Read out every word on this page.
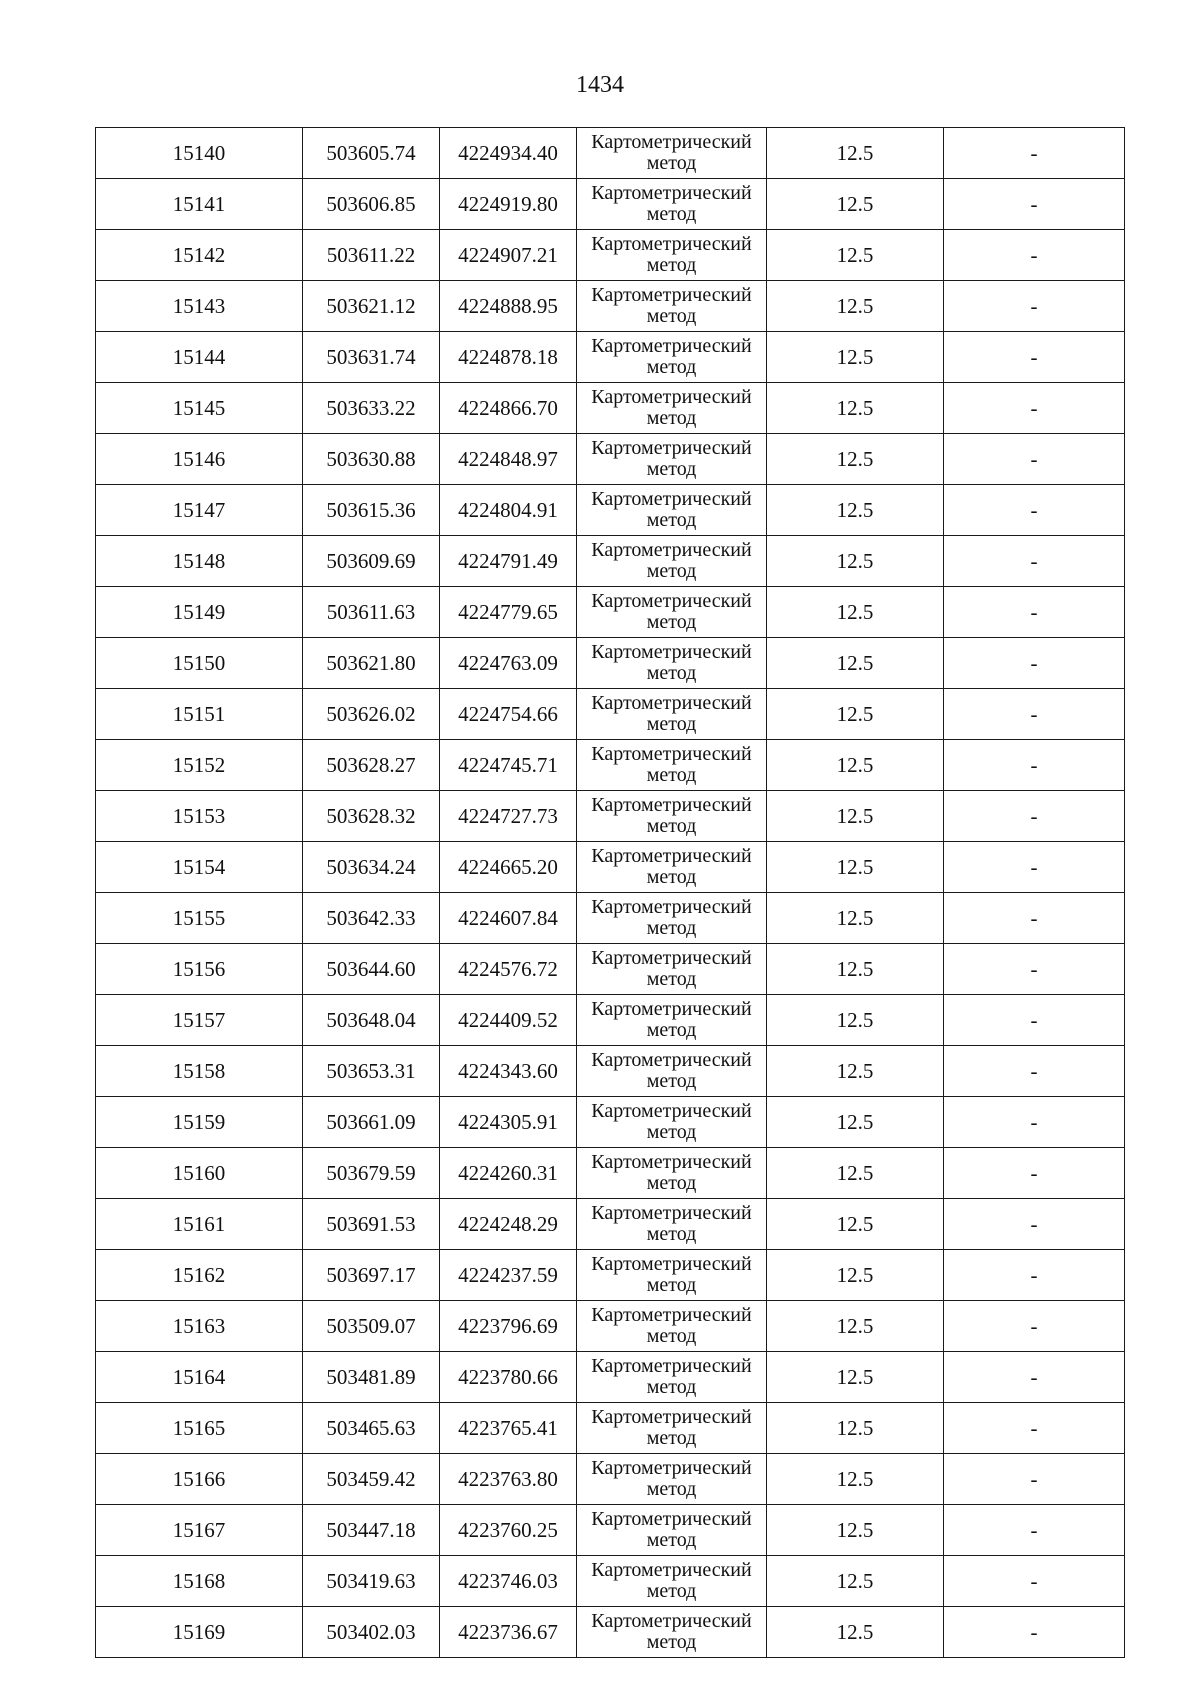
1434
15140	503605.74	4224934.40	Картометрический
метод	12.5	-
15141	503606.85	4224919.80	Картометрический
метод	12.5	-
15142	503611.22	4224907.21	Картометрический
метод	12.5	-
15143	503621.12	4224888.95	Картометрический
метод	12.5	-
15144	503631.74	4224878.18	Картометрический
метод	12.5	-
15145	503633.22	4224866.70	Картометрический
метод	12.5	-
15146	503630.88	4224848.97	Картометрический
метод	12.5	-
15147	503615.36	4224804.91	Картометрический
метод	12.5	-
15148	503609.69	4224791.49	Картометрический
метод	12.5	-
15149	503611.63	4224779.65	Картометрический
метод	12.5	-
15150	503621.80	4224763.09	Картометрический
метод	12.5	-
15151	503626.02	4224754.66	Картометрический
метод	12.5	-
15152	503628.27	4224745.71	Картометрический
метод	12.5	-
15153	503628.32	4224727.73	Картометрический
метод	12.5	-
15154	503634.24	4224665.20	Картометрический
метод	12.5	-
15155	503642.33	4224607.84	Картометрический
метод	12.5	-
15156	503644.60	4224576.72	Картометрический
метод	12.5	-
15157	503648.04	4224409.52	Картометрический
метод	12.5	-
15158	503653.31	4224343.60	Картометрический
метод	12.5	-
15159	503661.09	4224305.91	Картометрический
метод	12.5	-
15160	503679.59	4224260.31	Картометрический
метод	12.5	-
15161	503691.53	4224248.29	Картометрический
метод	12.5	-
15162	503697.17	4224237.59	Картометрический
метод	12.5	-
15163	503509.07	4223796.69	Картометрический
метод	12.5	-
15164	503481.89	4223780.66	Картометрический
метод	12.5	-
15165	503465.63	4223765.41	Картометрический
метод	12.5	-
15166	503459.42	4223763.80	Картометрический
метод	12.5	-
15167	503447.18	4223760.25	Картометрический
метод	12.5	-
15168	503419.63	4223746.03	Картометрический
метод	12.5	-
15169	503402.03	4223736.67	Картометрический
метод	12.5	-
